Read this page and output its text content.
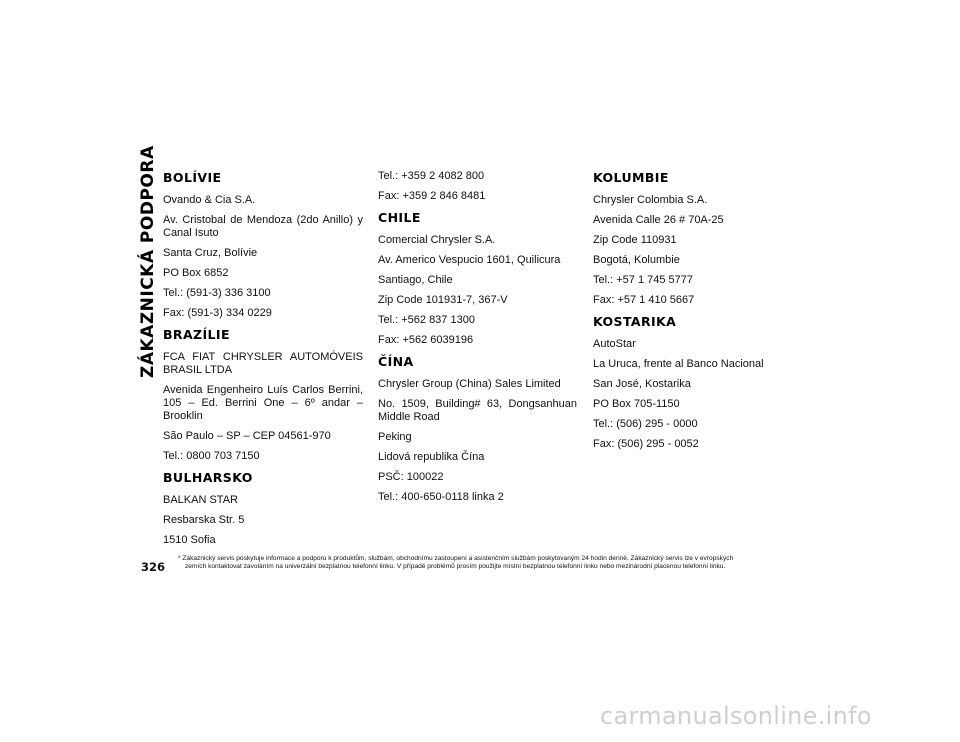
ZÁKAZNICKÁ PODPORA BOLÍVIE
Ovando & Cia S.A.
Av. Cristobal de Mendoza (2do Anillo) y Canal Isuto
Santa Cruz, Bolívie
PO Box 6852
Tel.: (591-3) 336 3100
Fax: (591-3) 334 0229
BRAZÍLIE
FCA FIAT CHRYSLER AUTOMÓVEIS BRASIL LTDA
Avenida Engenheiro Luís Carlos Berrini, 105 – Ed. Berrini One – 6º andar – Brooklin
São Paulo – SP – CEP 04561-970
Tel.: 0800 703 7150
BULHARSKO
BALKAN STAR
Resbarska Str. 5
1510 Sofia
Tel.: +359 2 4082 800
Fax: +359 2 846 8481
CHILE
Comercial Chrysler S.A.
Av. Americo Vespucio 1601, Quilicura
Santiago, Chile
Zip Code 101931-7, 367-V
Tel.: +562 837 1300
Fax: +562 6039196
ČÍNA
Chrysler Group (China) Sales Limited
No. 1509, Building# 63, Dongsanhuan Middle Road
Peking
Lidová republika Čína
PSČ: 100022
Tel.: 400-650-0118 linka 2
KOLUMBIE
Chrysler Colombia S.A.
Avenida Calle 26 # 70A-25
Zip Code 110931
Bogotá, Kolumbie
Tel.: +57 1 745 5777
Fax: +57 1 410 5667
KOSTARIKA
AutoStar
La Uruca, frente al Banco Nacional
San José, Kostarika
PO Box 705-1150
Tel.: (506) 295 - 0000
Fax: (506) 295 - 0052
326
* Zákaznický servis poskytuje informace a podporu k produktům, službám, obchodnímu zastoupení a asistenčním službám poskytovaným 24 hodin denně. Zákaznický servis lze v evropských
zemích kontaktovat zavoláním na univerzální bezplatnou telefonní linku. V případě problémů prosím použijte místní bezplatnou telefonní linku nebo mezinárodní placenou telefonní linku.
carmanualsonline.info
